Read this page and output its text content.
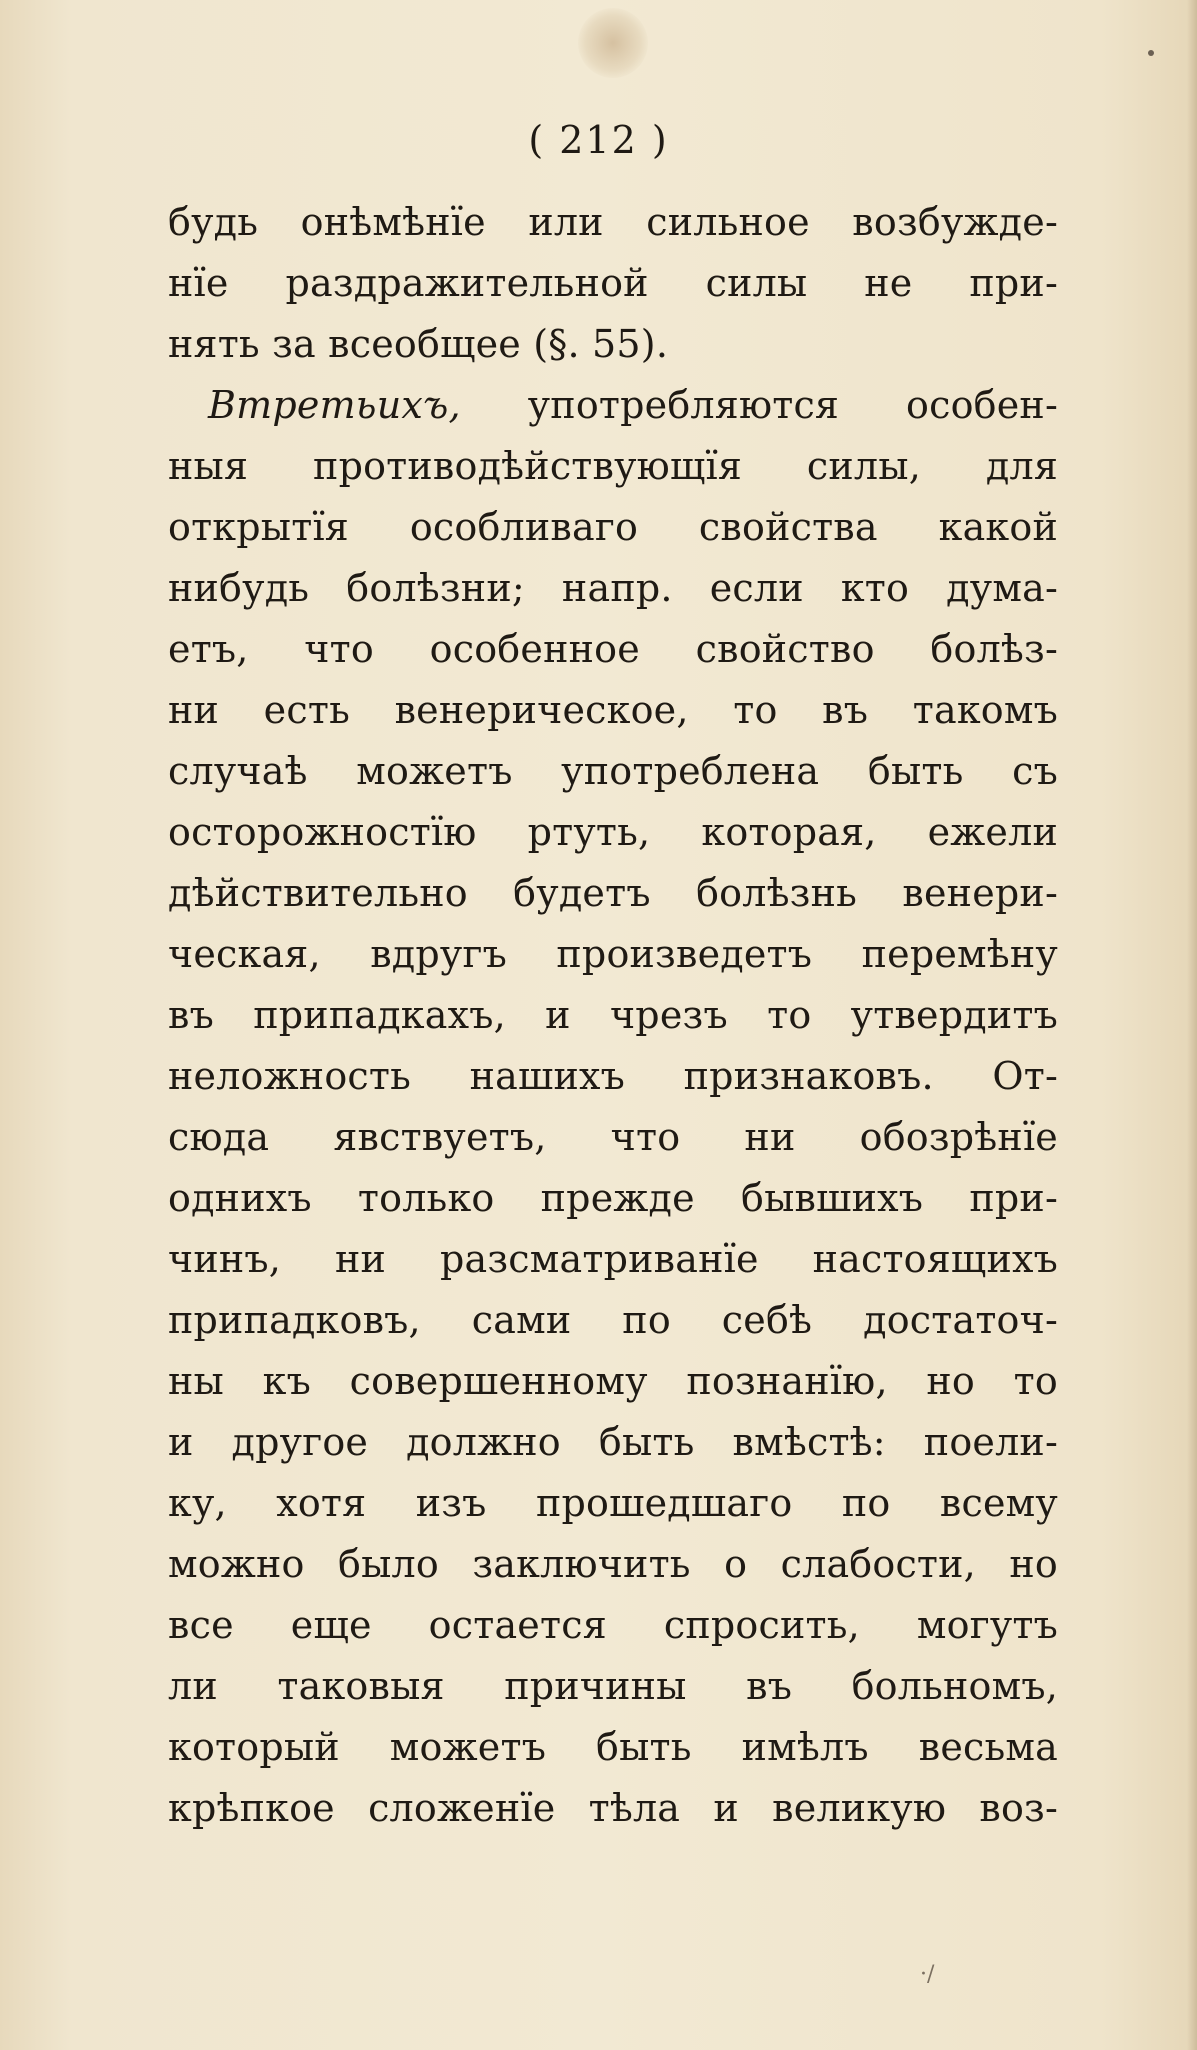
( 212 )
будь онѣмѣнїе или сильное возбужде-
нїе раздражительной силы не при-
нять за всеобщее (§. 55).
Втретьихъ, употребляются особен-
ныя противодѣйствующїя силы, для
открытїя особливаго свойства какой
нибудь болѣзни; напр. если кто дума-
етъ, что особенное свойство болѣз-
ни есть венерическое, то въ такомъ
случаѣ можетъ употреблена быть съ
осторожностїю ртуть, которая, ежели
дѣйствительно будетъ болѣзнь венери-
ческая, вдругъ произведетъ перемѣну
въ припадкахъ, и чрезъ то утвердитъ
неложность нашихъ признаковъ. От-
сюда явствуетъ, что ни обозрѣнїе
однихъ только прежде бывшихъ при-
чинъ, ни разсматриванїе настоящихъ
припадковъ, сами по себѣ достаточ-
ны къ совершенному познанїю, но то
и другое должно быть вмѣстѣ: поели-
ку, хотя изъ прошедшаго по всему
можно было заключить о слабости, но
все еще остается спросить, могутъ
ли таковыя причины въ больномъ,
который можетъ быть имѣлъ весьма
крѣпкое сложенїе тѣла и великую воз-
·/
